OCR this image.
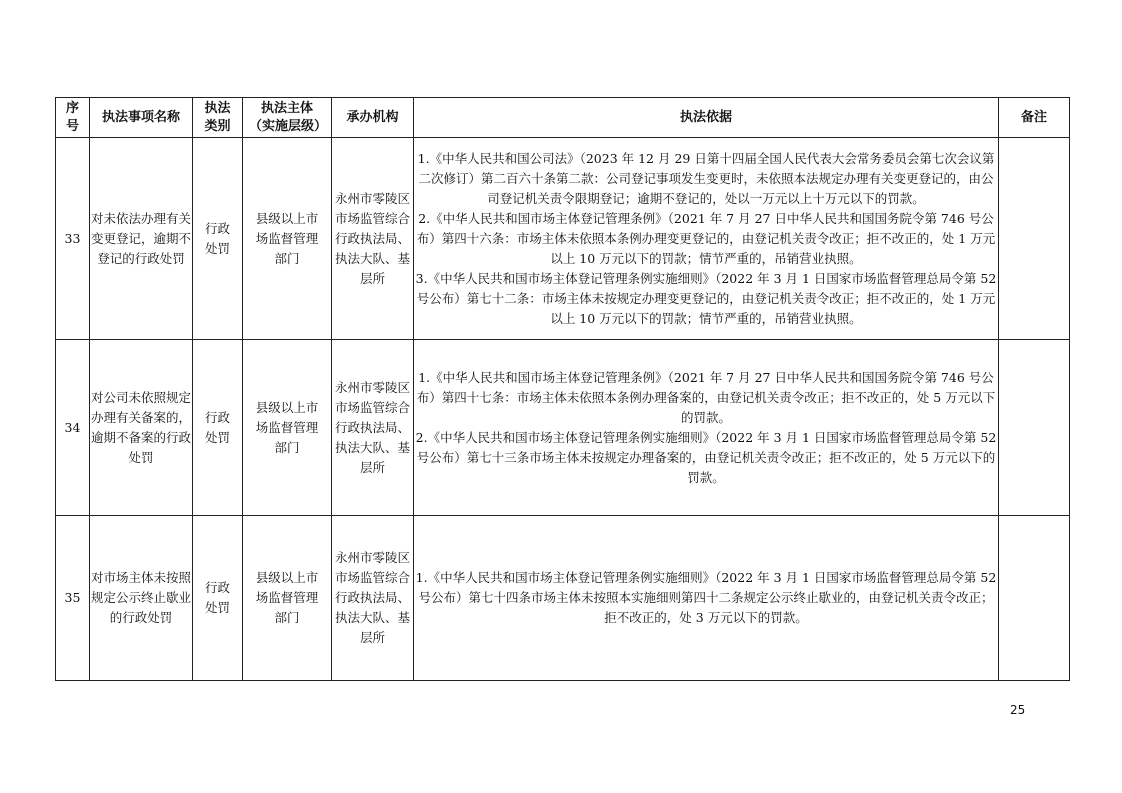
序号	执法事项名称	执法类别	执法主体（实施层级）	承办机构	执法依据	备注
33	对未依法办理有关变更登记，逾期不登记的行政处罚	行政处罚	县级以上市场监督管理部门	永州市零陵区市场监管综合行政执法局、执法大队、基层所	1.《中华人民共和国公司法》（2023 年 12 月 29 日第十四届全国人民代表大会常务委员会第七次会议第二次修订）第二百六十条第二款：公司登记事项发生变更时，未依照本法规定办理有关变更登记的，由公司登记机关责令限期登记；逾期不登记的，处以一万元以上十万元以下的罚款。

2.《中华人民共和国市场主体登记管理条例》（2021 年 7 月 27 日中华人民共和国国务院令第 746 号公布）第四十六条：市场主体未依照本条例办理变更登记的，由登记机关责令改正；拒不改正的，处 1 万元以上 10 万元以下的罚款；情节严重的，吊销营业执照。

3.《中华人民共和国市场主体登记管理条例实施细则》（2022 年 3 月 1 日国家市场监督管理总局令第 52 号公布）第七十二条：市场主体未按规定办理变更登记的，由登记机关责令改正；拒不改正的，处 1 万元以上 10 万元以下的罚款；情节严重的，吊销营业执照。	

34	对公司未依照规定办理有关备案的，逾期不备案的行政处罚	行政处罚	县级以上市场监督管理部门	永州市零陵区市场监管综合行政执法局、执法大队、基层所	1.《中华人民共和国市场主体登记管理条例》（2021 年 7 月 27 日中华人民共和国国务院令第 746 号公布）第四十七条：市场主体未依照本条例办理备案的，由登记机关责令改正；拒不改正的，处 5 万元以下的罚款。

2.《中华人民共和国市场主体登记管理条例实施细则》（2022 年 3 月 1 日国家市场监督管理总局令第 52 号公布）第七十三条市场主体未按规定办理备案的，由登记机关责令改正；拒不改正的，处 5 万元以下的罚款。	

35	对市场主体未按照规定公示终止歇业的行政处罚	行政处罚	县级以上市场监督管理部门	永州市零陵区市场监管综合行政执法局、执法大队、基层所	1.《中华人民共和国市场主体登记管理条例实施细则》（2022 年 3 月 1 日国家市场监督管理总局令第 52 号公布）第七十四条市场主体未按照本实施细则第四十二条规定公示终止歇业的，由登记机关责令改正；拒不改正的，处 3 万元以下的罚款。	

25
